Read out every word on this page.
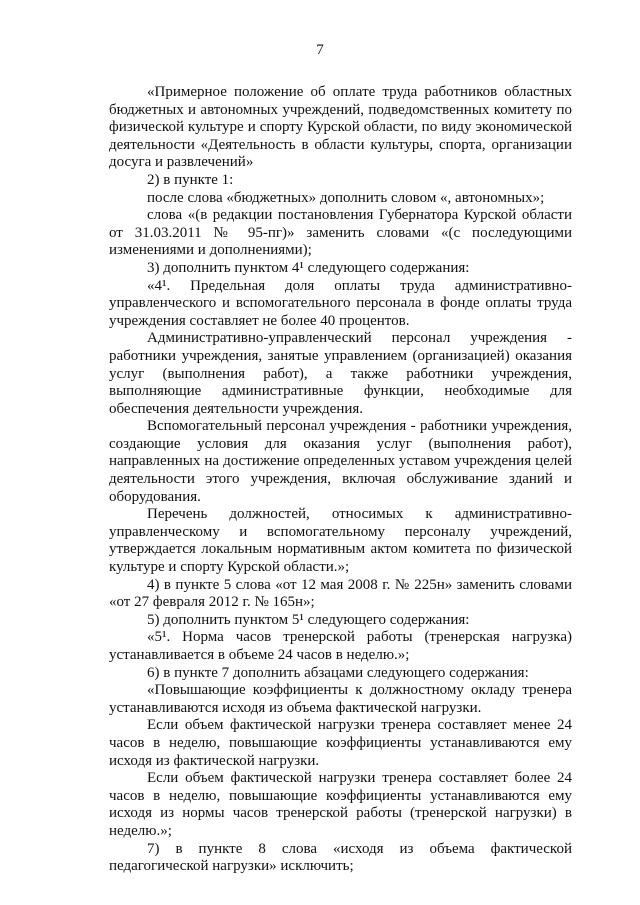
7

«Примерное положение об оплате труда работников областных бюджетных и автономных учреждений, подведомственных комитету по физической культуре и спорту Курской области, по виду экономической деятельности «Деятельность в области культуры, спорта, организации досуга и развлечений»

2) в пункте 1:

после слова «бюджетных» дополнить словом «, автономных»;

слова «(в редакции постановления Губернатора Курской области от 31.03.2011 № 95-пг)» заменить словами «(с последующими изменениями и дополнениями);

3) дополнить пунктом 4¹ следующего содержания:

«4¹. Предельная доля оплаты труда административно-управленческого и вспомогательного персонала в фонде оплаты труда учреждения составляет не более 40 процентов.

Административно-управленческий персонал учреждения - работники учреждения, занятые управлением (организацией) оказания услуг (выполнения работ), а также работники учреждения, выполняющие административные функции, необходимые для обеспечения деятельности учреждения.

Вспомогательный персонал учреждения - работники учреждения, создающие условия для оказания услуг (выполнения работ), направленных на достижение определенных уставом учреждения целей деятельности этого учреждения, включая обслуживание зданий и оборудования.

Перечень должностей, относимых к административно-управленческому и вспомогательному персоналу учреждений, утверждается локальным нормативным актом комитета по физической культуре и спорту Курской области.»;

4) в пункте 5 слова «от 12 мая 2008 г. № 225н» заменить словами «от 27 февраля 2012 г. № 165н»;

5) дополнить пунктом 5¹ следующего содержания:

«5¹. Норма часов тренерской работы (тренерская нагрузка) устанавливается в объеме 24 часов в неделю.»;

6) в пункте 7 дополнить абзацами следующего содержания:

«Повышающие коэффициенты к должностному окладу тренера устанавливаются исходя из объема фактической нагрузки.

Если объем фактической нагрузки тренера составляет менее 24 часов в неделю, повышающие коэффициенты устанавливаются ему исходя из фактической нагрузки.

Если объем фактической нагрузки тренера составляет более 24 часов в неделю, повышающие коэффициенты устанавливаются ему исходя из нормы часов тренерской работы (тренерской нагрузки) в неделю.»;

7) в пункте 8 слова «исходя из объема фактической педагогической нагрузки» исключить;
